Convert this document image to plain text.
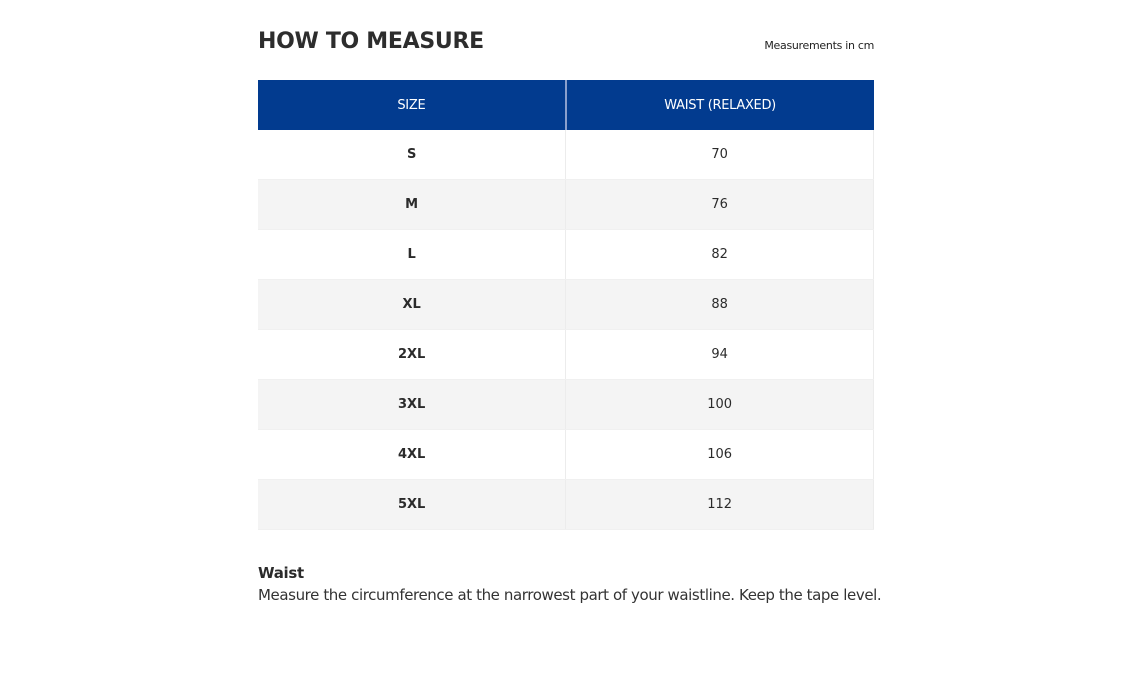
HOW TO MEASURE	Measurements in cm
SIZE	WAIST (RELAXED)
S	70
M	76
L	82
XL	88
2XL	94
3XL	100
4XL	106
5XL	112
Waist
Measure the circumference at the narrowest part of your waistline. Keep the tape level.
